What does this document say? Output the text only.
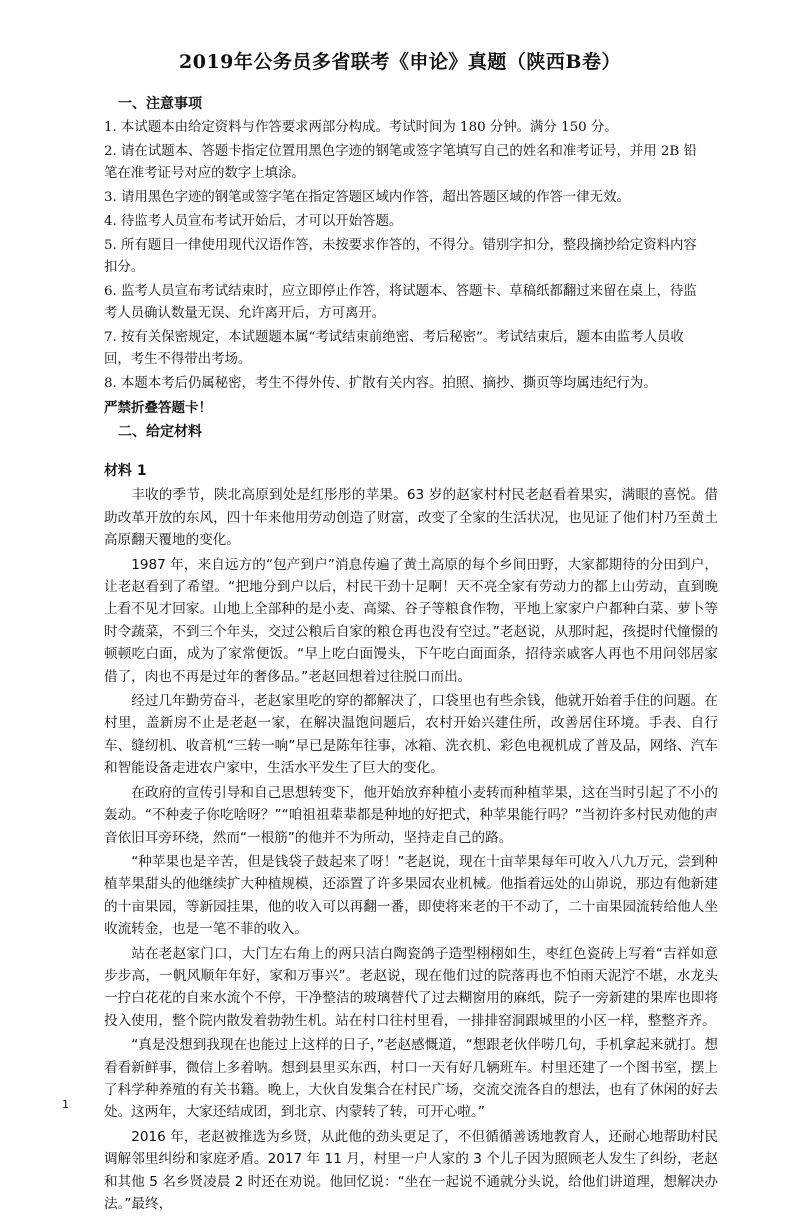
2019年公务员多省联考《申论》真题（陕西B卷）

一、注意事项

1. 本试题本由给定资料与作答要求两部分构成。考试时间为 180 分钟。满分 150 分。

2. 请在试题本、答题卡指定位置用黑色字迹的钢笔或签字笔填写自己的姓名和准考证号，并用 2B 铅笔在准考证号对应的数字上填涂。

3. 请用黑色字迹的钢笔或签字笔在指定答题区域内作答，超出答题区域的作答一律无效。

4. 待监考人员宣布考试开始后，才可以开始答题。

5. 所有题目一律使用现代汉语作答，未按要求作答的，不得分。错别字扣分，整段摘抄给定资料内容扣分。

6. 监考人员宣布考试结束时，应立即停止作答，将试题本、答题卡、草稿纸都翻过来留在桌上，待监考人员确认数量无误、允许离开后，方可离开。

7. 按有关保密规定，本试题题本属“考试结束前绝密、考后秘密”。考试结束后，题本由监考人员收回，考生不得带出考场。

8. 本题本考后仍属秘密，考生不得外传、扩散有关内容。拍照、摘抄、撕页等均属违纪行为。

严禁折叠答题卡！

二、给定材料

材料 1

丰收的季节，陕北高原到处是红彤彤的苹果。63 岁的赵家村村民老赵看着果实，满眼的喜悦。借助改革开放的东风，四十年来他用劳动创造了财富，改变了全家的生活状况，也见证了他们村乃至黄土高原翻天覆地的变化。

1987 年，来自远方的“包产到户”消息传遍了黄土高原的每个乡间田野，大家都期待的分田到户，让老赵看到了希望。“把地分到户以后，村民干劲十足啊！天不亮全家有劳动力的都上山劳动，直到晚上看不见才回家。山地上全部种的是小麦、高粱、谷子等粮食作物，平地上家家户户都种白菜、萝卜等时令蔬菜，不到三个年头，交过公粮后自家的粮仓再也没有空过。”老赵说，从那时起，孩提时代憧憬的顿顿吃白面，成为了家常便饭。“早上吃白面馒头，下午吃白面面条，招待亲戚客人再也不用问邻居家借了，肉也不再是过年的奢侈品。”老赵回想着过往脱口而出。

经过几年勤劳奋斗，老赵家里吃的穿的都解决了，口袋里也有些余钱，他就开始着手住的问题。在村里，盖新房不止是老赵一家，在解决温饱问题后，农村开始兴建住所，改善居住环境。手表、自行车、缝纫机、收音机“三转一响”早已是陈年往事，冰箱、洗衣机、彩色电视机成了普及品，网络、汽车和智能设备走进农户家中，生活水平发生了巨大的变化。

在政府的宣传引导和自己思想转变下，他开始放弃种植小麦转而种植苹果，这在当时引起了不小的轰动。“不种麦子你吃啥呀？”“咱祖祖辈辈都是种地的好把式，种苹果能行吗？”当初许多村民劝他的声音依旧耳旁环绕，然而“一根筋”的他并不为所动，坚持走自己的路。

“种苹果也是辛苦，但是钱袋子鼓起来了呀！”老赵说，现在十亩苹果每年可收入八九万元，尝到种植苹果甜头的他继续扩大种植规模，还添置了许多果园农业机械。他指着远处的山峁说，那边有他新建的十亩果园，等新园挂果，他的收入可以再翻一番，即使将来老的干不动了，二十亩果园流转给他人坐收流转金，也是一笔不菲的收入。

站在老赵家门口，大门左右角上的两只洁白陶瓷鸽子造型栩栩如生，枣红色瓷砖上写着“吉祥如意步步高，一帆风顺年年好，家和万事兴”。老赵说，现在他们过的院落再也不怕雨天泥泞不堪，水龙头一拧白花花的自来水流个不停，干净整洁的玻璃替代了过去糊窗用的麻纸，院子一旁新建的果库也即将投入使用，整个院内散发着勃勃生机。站在村口往村里看，一排排窑洞跟城里的小区一样，整整齐齐。

“真是没想到我现在也能过上这样的日子，”老赵感慨道，“想跟老伙伴唠几句，手机拿起来就打。想看看新鲜事，微信上多着呐。想到县里买东西，村口一天有好几辆班车。村里还建了一个图书室，摆上了科学种养殖的有关书籍。晚上，大伙自发集合在村民广场，交流交流各自的想法，也有了休闲的好去处。这两年，大家还结成团，到北京、内蒙转了转，可开心啦。”

2016 年，老赵被推选为乡贤，从此他的劲头更足了，不但循循善诱地教育人，还耐心地帮助村民调解邻里纠纷和家庭矛盾。2017 年 11 月，村里一户人家的 3 个儿子因为照顾老人发生了纠纷，老赵和其他 5 名乡贤凌晨 2 时还在劝说。他回忆说：“坐在一起说不通就分头说，给他们讲道理，想解决办法。”最终，

1
